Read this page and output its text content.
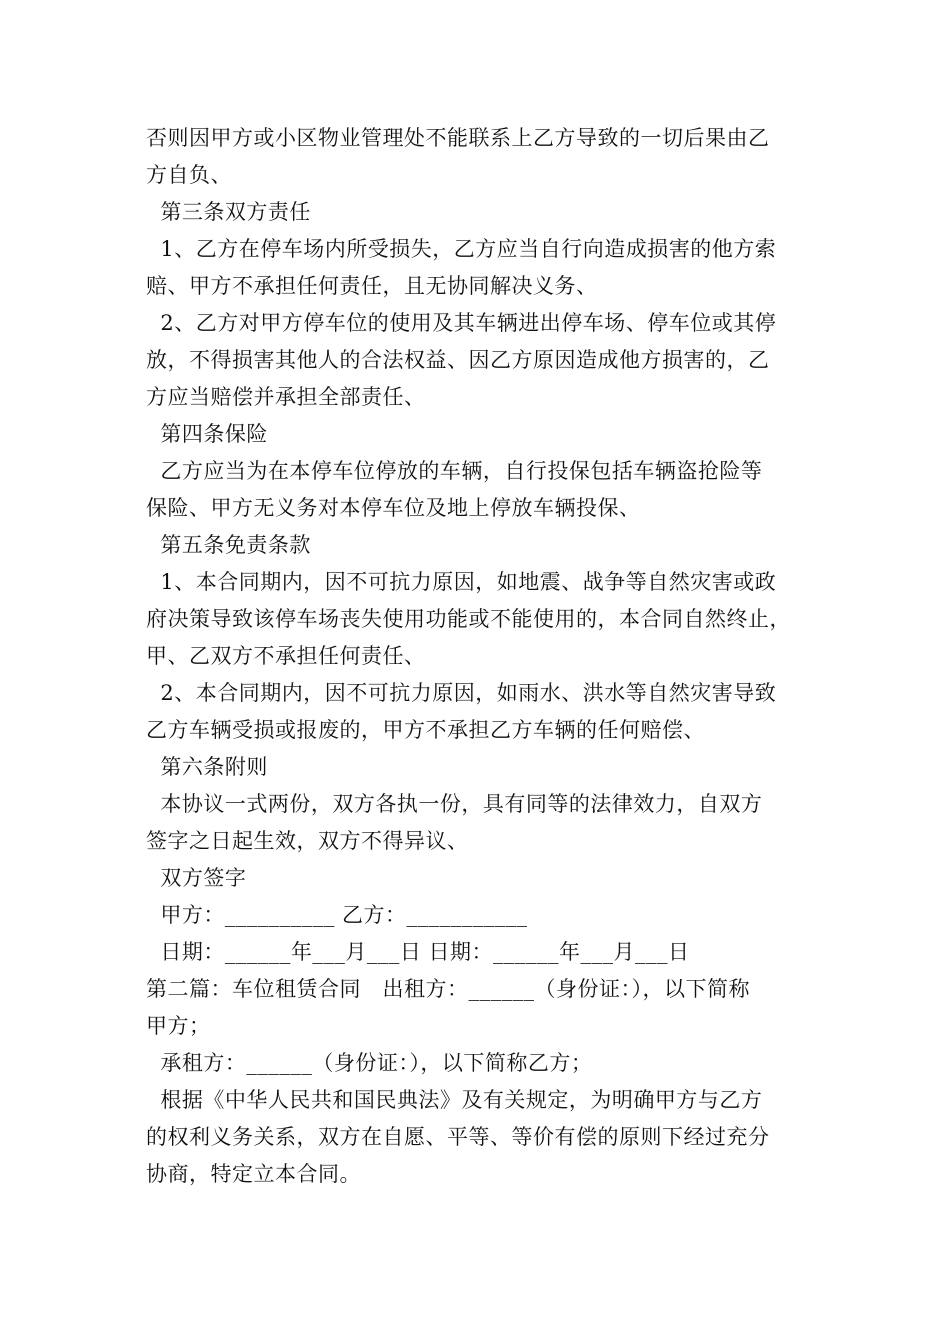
否则因甲方或小区物业管理处不能联系上乙方导致的一切后果由乙
方自负、
第三条双方责任
1、乙方在停车场内所受损失，乙方应当自行向造成损害的他方索
赔、甲方不承担任何责任，且无协同解决义务、
2、乙方对甲方停车位的使用及其车辆进出停车场、停车位或其停
放，不得损害其他人的合法权益、因乙方原因造成他方损害的，乙
方应当赔偿并承担全部责任、
第四条保险
乙方应当为在本停车位停放的车辆，自行投保包括车辆盗抢险等
保险、甲方无义务对本停车位及地上停放车辆投保、
第五条免责条款
1、本合同期内，因不可抗力原因，如地震、战争等自然灾害或政
府决策导致该停车场丧失使用功能或不能使用的，本合同自然终止，
甲、乙双方不承担任何责任、
2、本合同期内，因不可抗力原因，如雨水、洪水等自然灾害导致
乙方车辆受损或报废的，甲方不承担乙方车辆的任何赔偿、
第六条附则
本协议一式两份，双方各执一份，具有同等的法律效力，自双方
签字之日起生效，双方不得异议、
双方签字
甲方：__________ 乙方：___________
日期：______年___月___日 日期：______年___月___日
第二篇：车位租赁合同   出租方：______（身份证：），以下简称
甲方；
承租方：______（身份证：），以下简称乙方；
根据《中华人民共和国民典法》及有关规定，为明确甲方与乙方
的权利义务关系，双方在自愿、平等、等价有偿的原则下经过充分
协商，特定立本合同。
